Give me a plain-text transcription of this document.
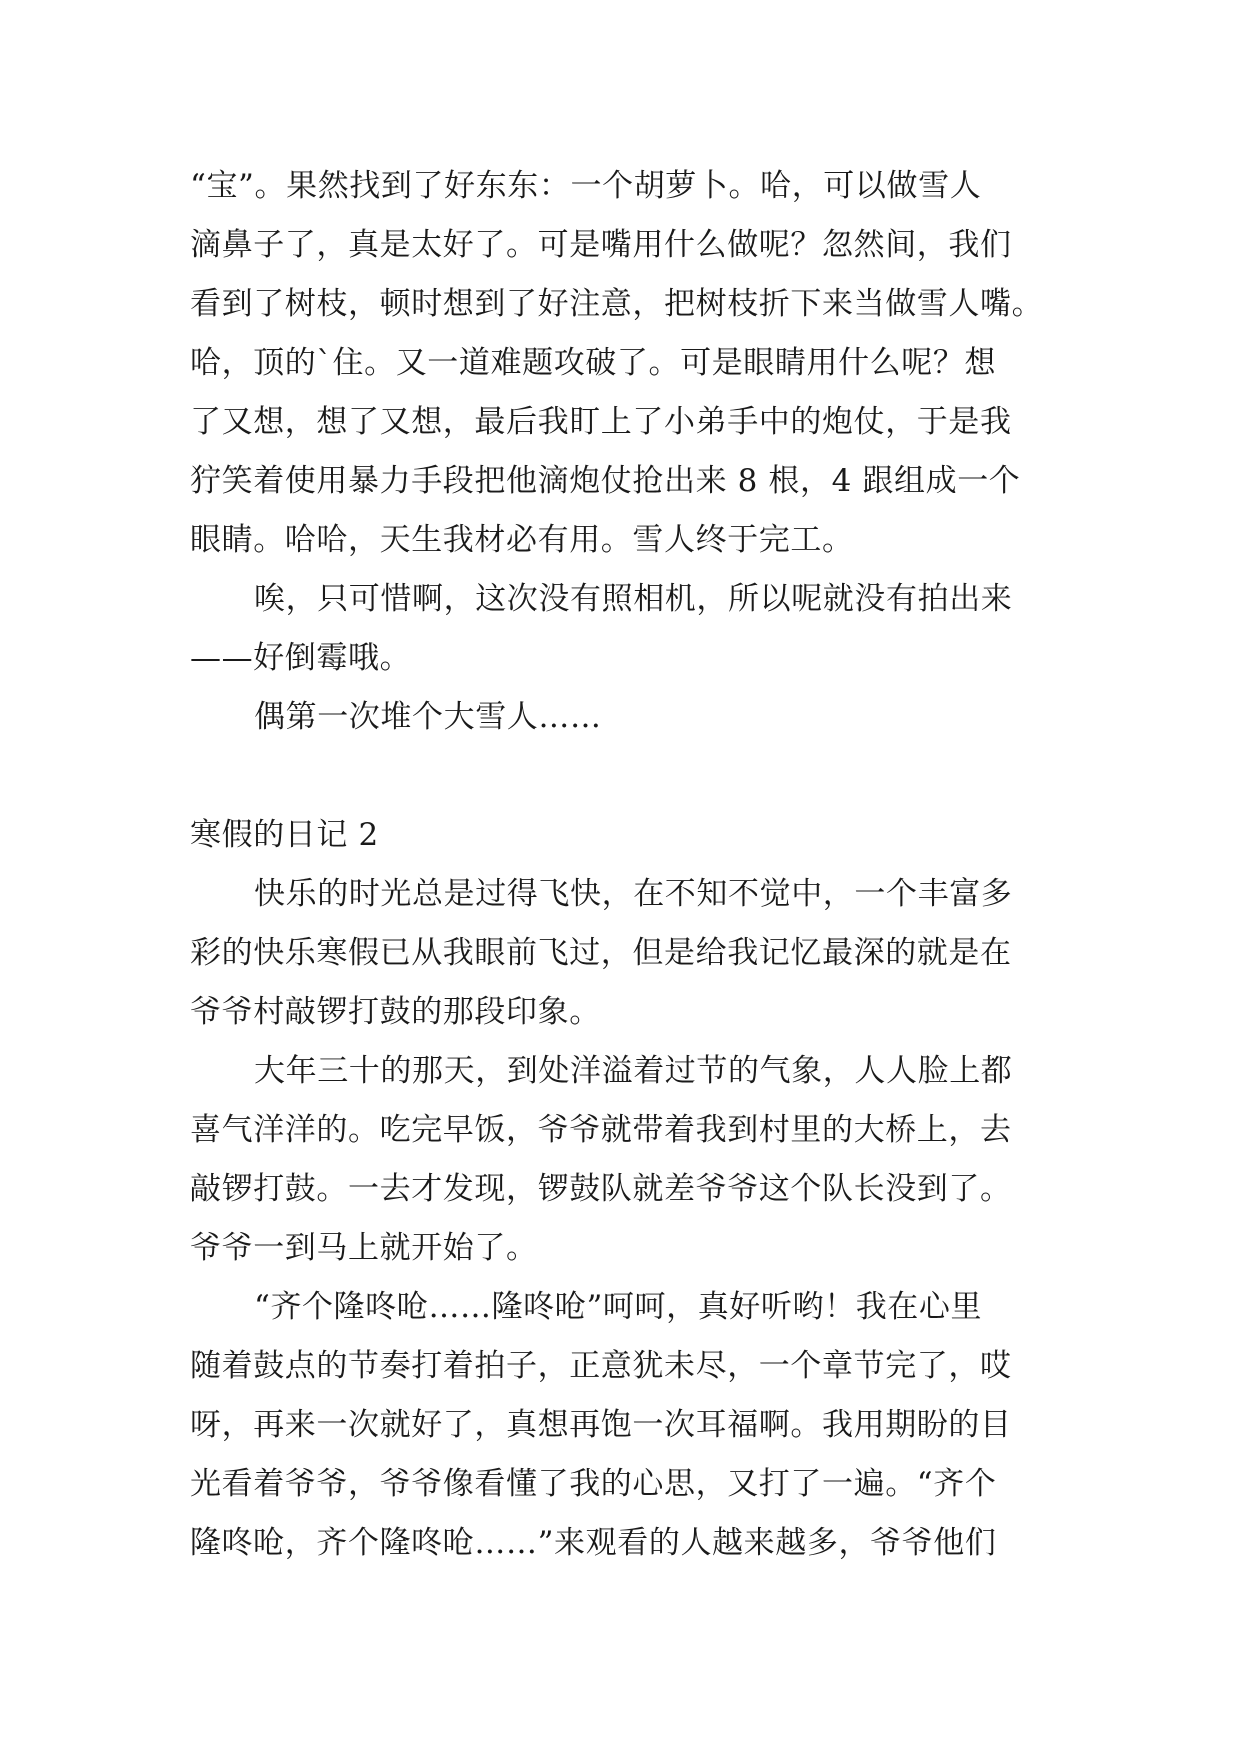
“宝”。果然找到了好东东：一个胡萝卜。哈，可以做雪人
滴鼻子了，真是太好了。可是嘴用什么做呢？忽然间，我们
看到了树枝，顿时想到了好注意，把树枝折下来当做雪人嘴。
哈，顶的`住。又一道难题攻破了。可是眼睛用什么呢？想
了又想，想了又想，最后我盯上了小弟手中的炮仗，于是我
狞笑着使用暴力手段把他滴炮仗抢出来 8 根，4 跟组成一个
眼睛。哈哈，天生我材必有用。雪人终于完工。
唉，只可惜啊，这次没有照相机，所以呢就没有拍出来
——好倒霉哦。
偶第一次堆个大雪人……
寒假的日记 2
快乐的时光总是过得飞快，在不知不觉中，一个丰富多
彩的快乐寒假已从我眼前飞过，但是给我记忆最深的就是在
爷爷村敲锣打鼓的那段印象。
大年三十的那天，到处洋溢着过节的气象，人人脸上都
喜气洋洋的。吃完早饭，爷爷就带着我到村里的大桥上，去
敲锣打鼓。一去才发现，锣鼓队就差爷爷这个队长没到了。
爷爷一到马上就开始了。
“齐个隆咚呛……隆咚呛”呵呵，真好听哟！我在心里
随着鼓点的节奏打着拍子，正意犹未尽，一个章节完了，哎
呀，再来一次就好了，真想再饱一次耳福啊。我用期盼的目
光看着爷爷，爷爷像看懂了我的心思，又打了一遍。“齐个
隆咚呛，齐个隆咚呛……”来观看的人越来越多，爷爷他们
